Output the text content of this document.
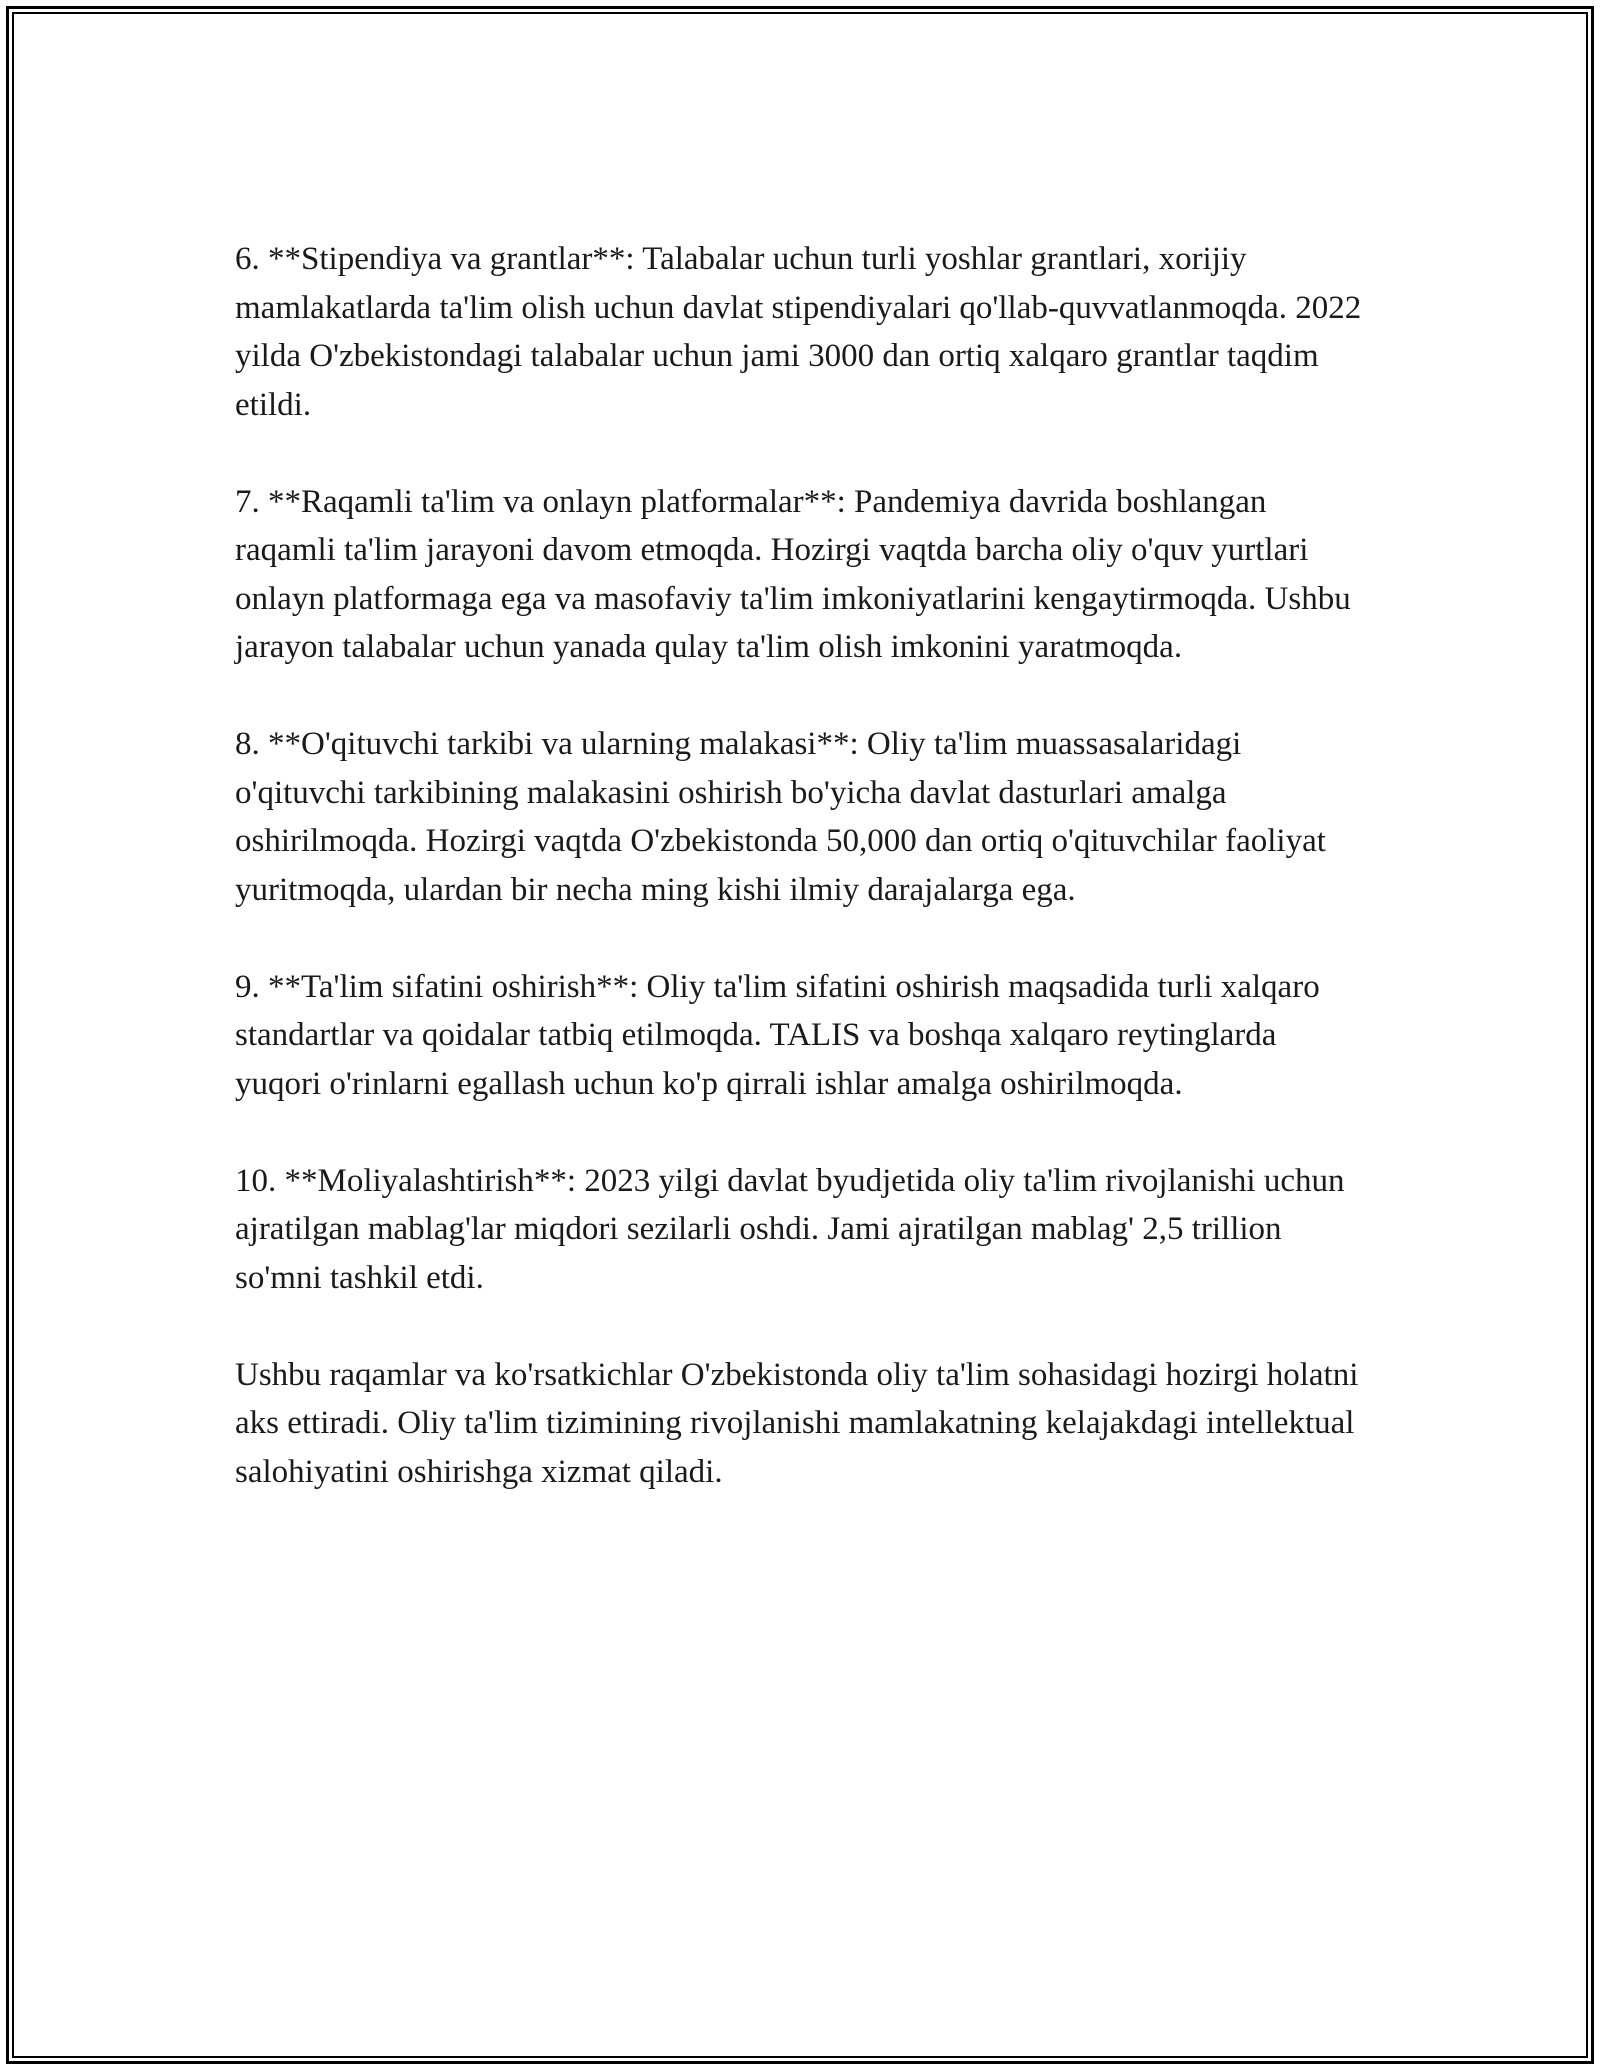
6. **Stipendiya va grantlar**: Talabalar uchun turli yoshlar grantlari, xorijiy mamlakatlarda ta'lim olish uchun davlat stipendiyalari qo'llab-quvvatlanmoqda. 2022 yilda O'zbekistondagi talabalar uchun jami 3000 dan ortiq xalqaro grantlar taqdim etildi.

7. **Raqamli ta'lim va onlayn platformalar**: Pandemiya davrida boshlangan raqamli ta'lim jarayoni davom etmoqda. Hozirgi vaqtda barcha oliy o'quv yurtlari onlayn platformaga ega va masofaviy ta'lim imkoniyatlarini kengaytirmoqda. Ushbu jarayon talabalar uchun yanada qulay ta'lim olish imkonini yaratmoqda.

8. **O'qituvchi tarkibi va ularning malakasi**: Oliy ta'lim muassasalaridagi o'qituvchi tarkibining malakasini oshirish bo'yicha davlat dasturlari amalga oshirilmoqda. Hozirgi vaqtda O'zbekistonda 50,000 dan ortiq o'qituvchilar faoliyat yuritmoqda, ulardan bir necha ming kishi ilmiy darajalarga ega.

9. **Ta'lim sifatini oshirish**: Oliy ta'lim sifatini oshirish maqsadida turli xalqaro standartlar va qoidalar tatbiq etilmoqda. TALIS va boshqa xalqaro reytinglarda yuqori o'rinlarni egallash uchun ko'p qirrali ishlar amalga oshirilmoqda.

10. **Moliyalashtirish**: 2023 yilgi davlat byudjetida oliy ta'lim rivojlanishi uchun ajratilgan mablag'lar miqdori sezilarli oshdi. Jami ajratilgan mablag' 2,5 trillion so'mni tashkil etdi.

Ushbu raqamlar va ko'rsatkichlar O'zbekistonda oliy ta'lim sohasidagi hozirgi holatni aks ettiradi. Oliy ta'lim tizimining rivojlanishi mamlakatning kelajakdagi intellektual salohiyatini oshirishga xizmat qiladi.
